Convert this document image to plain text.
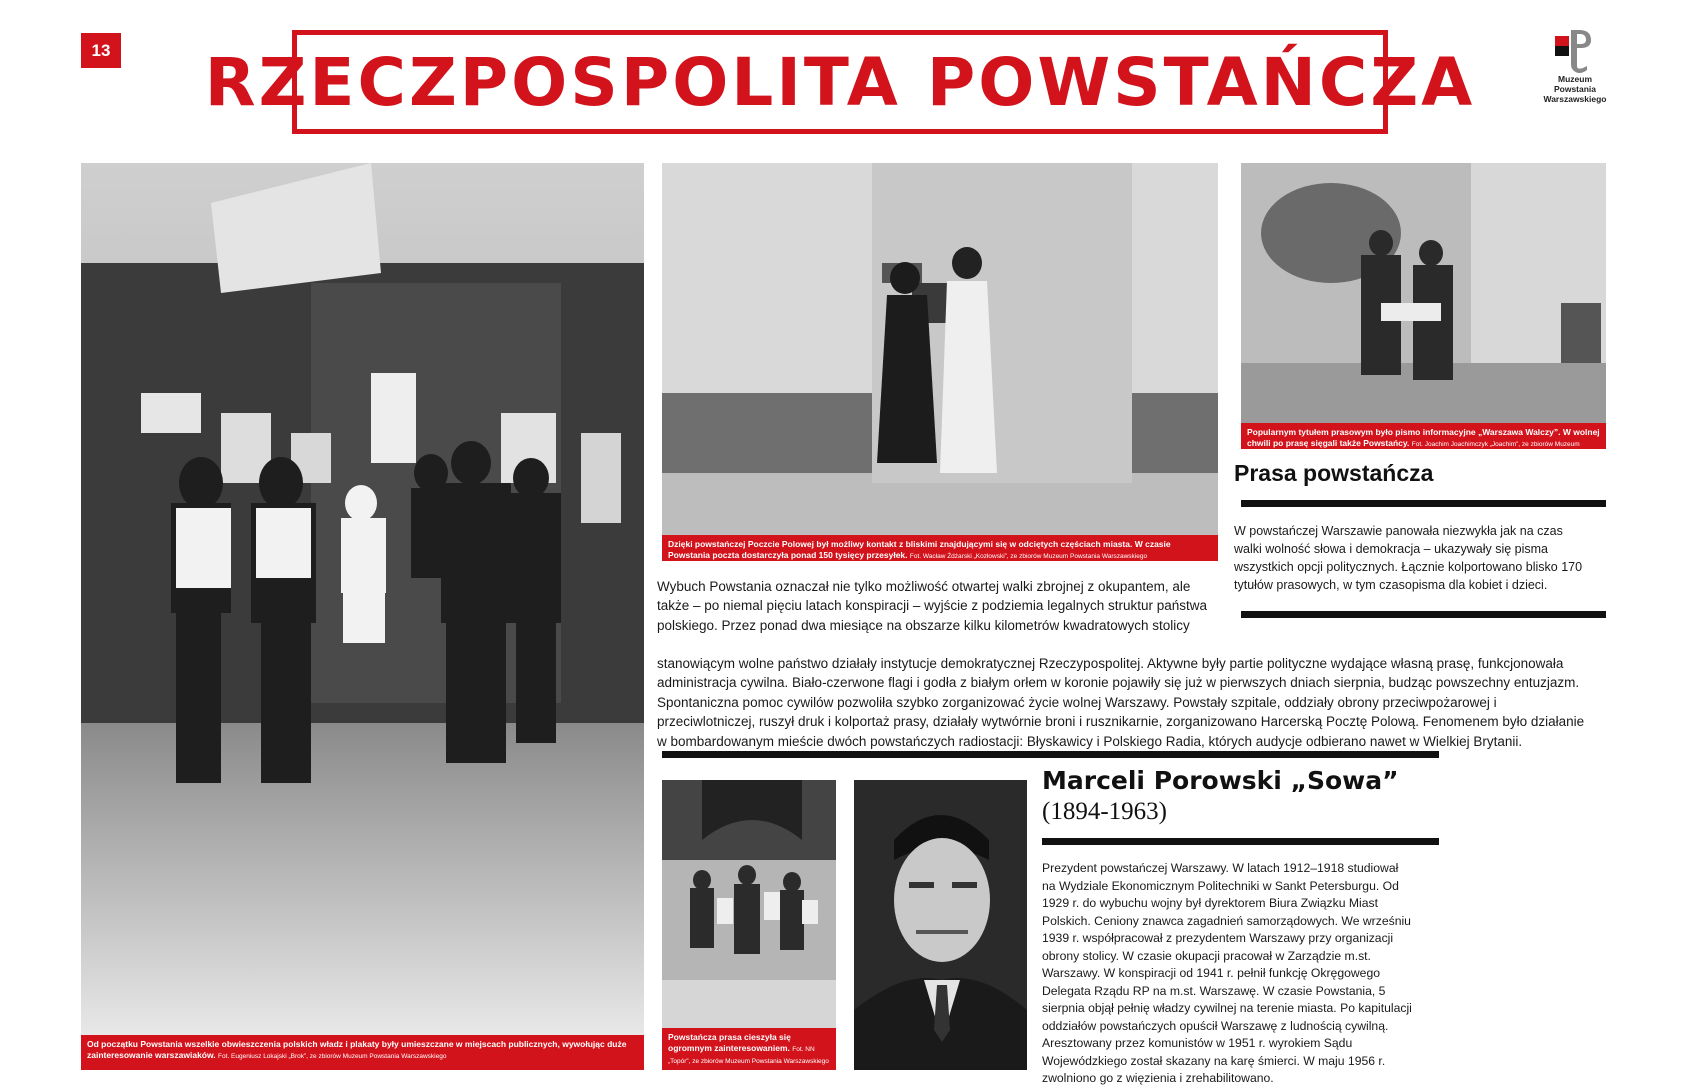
13 RZECZPOSPOLITA POWSTAŃCZA	Muzeum
Powstania
Warszawskiego
Od początku Powstania wszelkie obwieszczenia polskich władz i plakaty były umieszczane w miejscach publicznych, wywołując duże zainteresowanie warszawiaków. Fot. Eugeniusz Lokajski „Brok”, ze zbiorów Muzeum Powstania Warszawskiego
Dzięki powstańczej Poczcie Polowej był możliwy kontakt z bliskimi znajdującymi się w odciętych częściach miasta. W czasie Powstania poczta dostarczyła ponad 150 tysięcy przesyłek. Fot. Wacław Żdżarski „Kozłowski”, ze zbiorów Muzeum Powstania Warszawskiego
Popularnym tytułem prasowym było pismo informacyjne „Warszawa Walczy”. W wolnej chwili po prasę sięgali także Powstańcy. Fot. Joachim Joachimczyk „Joachim”, ze zbiorów Muzeum Powstania Warszawskiego
Prasa powstańcza
W powstańczej Warszawie panowała niezwykła jak na czas walki wolność słowa i demokracja – ukazywały się pisma wszystkich opcji politycznych. Łącznie kolportowano blisko 170 tytułów prasowych, w tym czasopisma dla kobiet i dzieci.
Wybuch Powstania oznaczał nie tylko możliwość otwartej walki zbrojnej z okupantem, ale także – po niemal pięciu latach konspiracji – wyjście z podziemia legalnych struktur państwa polskiego. Przez ponad dwa miesiące na obszarze kilku kilometrów kwadratowych stolicy
stanowiącym wolne państwo działały instytucje demokratycznej Rzeczypospolitej. Aktywne były partie polityczne wydające własną prasę, funkcjonowała administracja cywilna. Biało-czerwone flagi i godła z białym orłem w koronie pojawiły się już w pierwszych dniach sierpnia, budząc powszechny entuzjazm. Spontaniczna pomoc cywilów pozwoliła szybko zorganizować życie wolnej Warszawy. Powstały szpitale, oddziały obrony przeciwpożarowej i przeciwlotniczej, ruszył druk i kolportaż prasy, działały wytwórnie broni i rusznikarnie, zorganizowano Harcerską Pocztę Polową. Fenomenem było działanie w bombardowanym mieście dwóch powstańczych radiostacji: Błyskawicy i Polskiego Radia, których audycje odbierano nawet w Wielkiej Brytanii.
Powstańcza prasa cieszyła się ogromnym zainteresowaniem. Fot. NN „Topór”, ze zbiorów Muzeum Powstania Warszawskiego
Marceli Porowski „Sowa”
(1894-1963)
Prezydent powstańczej Warszawy. W latach 1912–1918 studiował na Wydziale Ekonomicznym Politechniki w Sankt Petersburgu. Od 1929 r. do wybuchu wojny był dyrektorem Biura Związku Miast Polskich. Ceniony znawca zagadnień samorządowych. We wrześniu 1939 r. współpracował z prezydentem Warszawy przy organizacji obrony stolicy. W czasie okupacji pracował w Zarządzie m.st. Warszawy. W konspiracji od 1941 r. pełnił funkcję Okręgowego Delegata Rządu RP na m.st. Warszawę. W czasie Powstania, 5 sierpnia objął pełnię władzy cywilnej na terenie miasta. Po kapitulacji oddziałów powstańczych opuścił Warszawę z ludnością cywilną. Aresztowany przez komunistów w 1951 r. wyrokiem Sądu Wojewódzkiego został skazany na karę śmierci. W maju 1956 r. zwolniono go z więzienia i zrehabilitowano.
